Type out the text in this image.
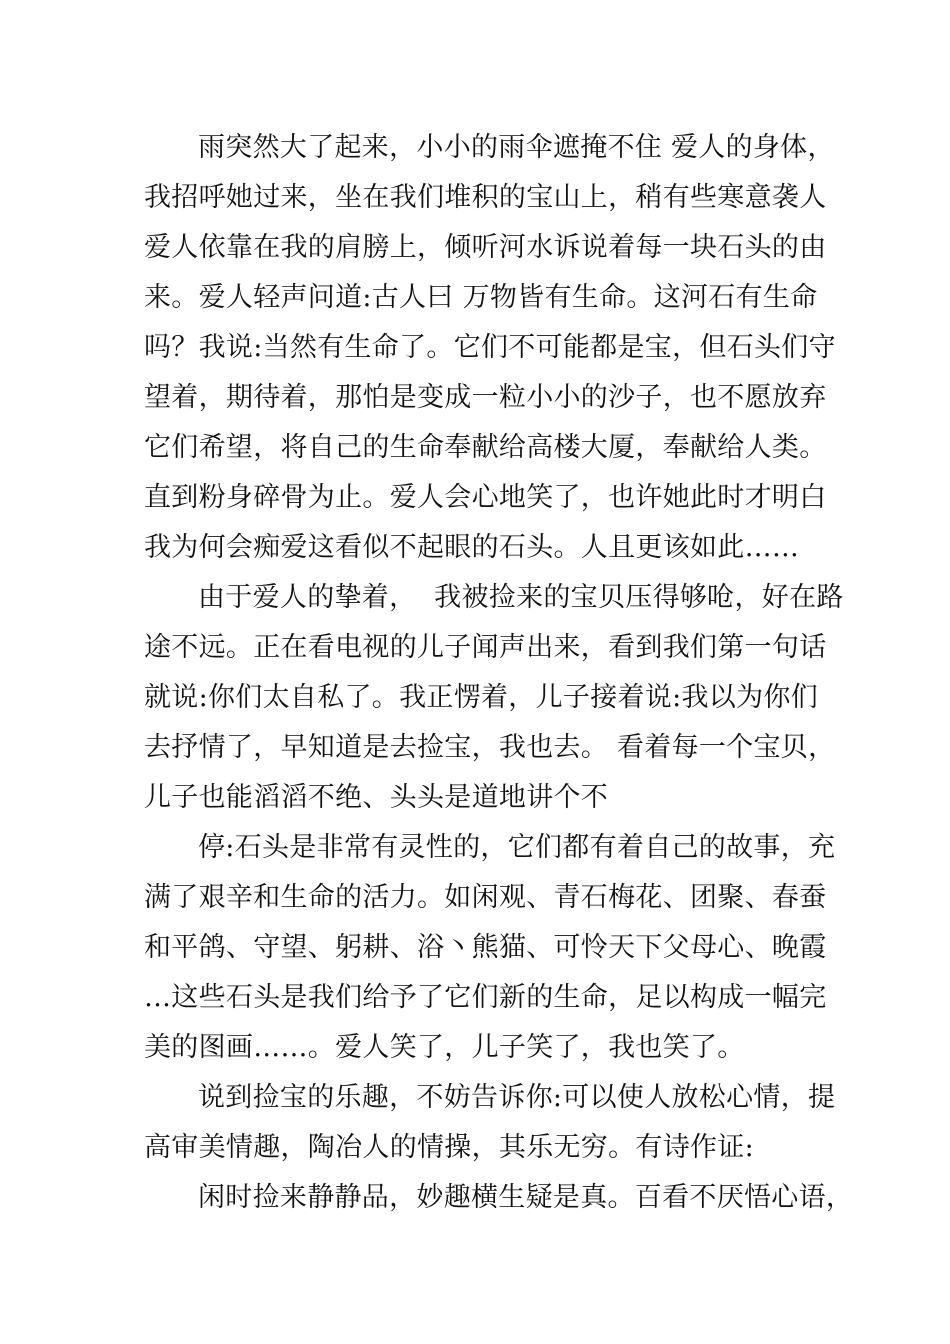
雨突然大了起来，小小的雨伞遮掩不住 爱人的身体，
我招呼她过来，坐在我们堆积的宝山上，稍有些寒意袭人
爱人依靠在我的肩膀上，倾听河水诉说着每一块石头的由
来。爱人轻声问道:古人曰 万物皆有生命。这河石有生命
吗？我说:当然有生命了。它们不可能都是宝，但石头们守
望着，期待着，那怕是变成一粒小小的沙子，也不愿放弃
它们希望，将自己的生命奉献给高楼大厦，奉献给人类。
直到粉身碎骨为止。爱人会心地笑了，也许她此时才明白
我为何会痴爱这看似不起眼的石头。人且更该如此……
由于爱人的挚着，  我被捡来的宝贝压得够呛，好在路
途不远。正在看电视的儿子闻声出来，看到我们第一句话
就说:你们太自私了。我正愣着，儿子接着说:我以为你们
去抒情了，早知道是去捡宝，我也去。 看着每一个宝贝，
儿子也能滔滔不绝、头头是道地讲个不
停:石头是非常有灵性的，它们都有着自己的故事，充
满了艰辛和生命的活力。如闲观、青石梅花、团聚、春蚕
和平鸽、守望、躬耕、浴丶熊猫、可怜天下父母心、晚霞
…这些石头是我们给予了它们新的生命，足以构成一幅完
美的图画……。爱人笑了，儿子笑了，我也笑了。
说到捡宝的乐趣，不妨告诉你:可以使人放松心情，提
高审美情趣，陶冶人的情操，其乐无穷。有诗作证:
闲时捡来静静品，妙趣横生疑是真。百看不厌悟心语，
